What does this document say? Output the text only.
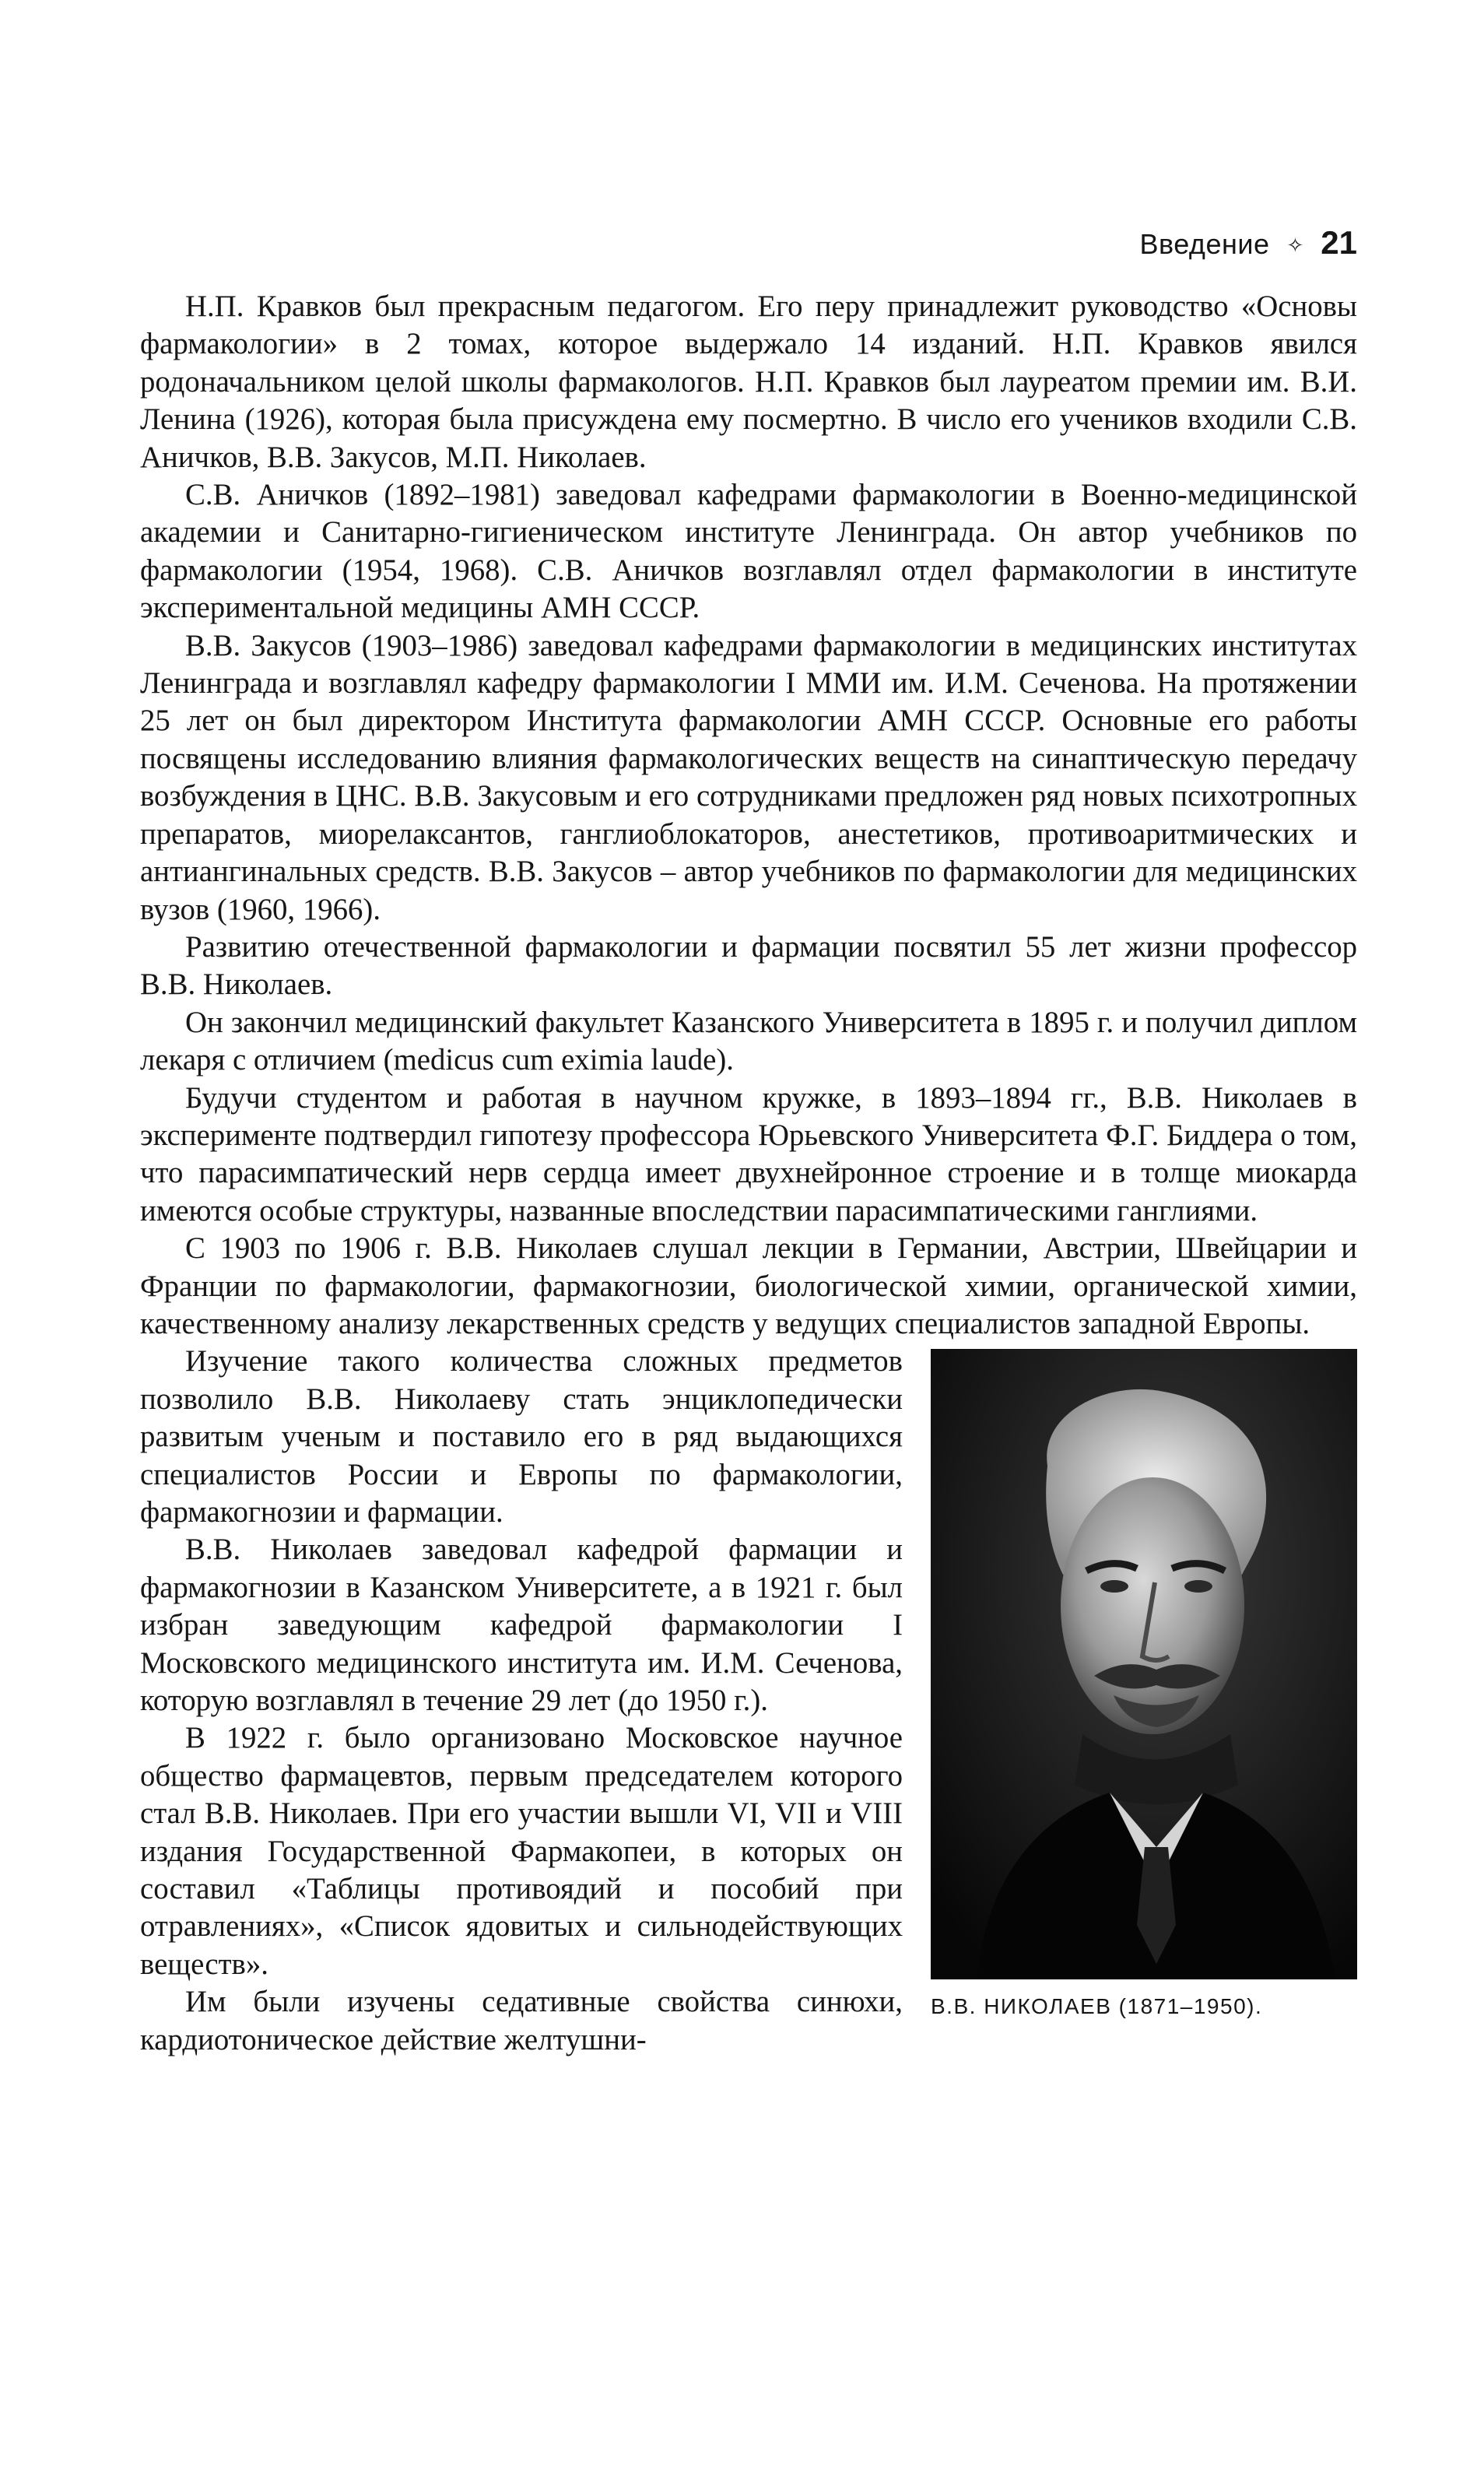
Введение ✧ 21

Н.П. Кравков был прекрасным педагогом. Его перу принадлежит руководство «Основы фармакологии» в 2 томах, которое выдержало 14 изданий. Н.П. Кравков явился родоначальником целой школы фармакологов. Н.П. Кравков был лауреатом премии им. В.И. Ленина (1926), которая была присуждена ему посмертно. В число его учеников входили С.В. Аничков, В.В. Закусов, М.П. Николаев.

С.В. Аничков (1892–1981) заведовал кафедрами фармакологии в Военно-медицинской академии и Санитарно-гигиеническом институте Ленинграда. Он автор учебников по фармакологии (1954, 1968). С.В. Аничков возглавлял отдел фармакологии в институте экспериментальной медицины АМН СССР.

В.В. Закусов (1903–1986) заведовал кафедрами фармакологии в медицинских институтах Ленинграда и возглавлял кафедру фармакологии I ММИ им. И.М. Сеченова. На протяжении 25 лет он был директором Института фармакологии АМН СССР. Основные его работы посвящены исследованию влияния фармакологических веществ на синаптическую передачу возбуждения в ЦНС. В.В. Закусовым и его сотрудниками предложен ряд новых психотропных препаратов, миорелаксантов, ганглиоблокаторов, анестетиков, противоаритмических и антиангинальных средств. В.В. Закусов – автор учебников по фармакологии для медицинских вузов (1960, 1966).

Развитию отечественной фармакологии и фармации посвятил 55 лет жизни профессор В.В. Николаев.

Он закончил медицинский факультет Казанского Университета в 1895 г. и получил диплом лекаря с отличием (medicus cum eximia laude).

Будучи студентом и работая в научном кружке, в 1893–1894 гг., В.В. Николаев в эксперименте подтвердил гипотезу профессора Юрьевского Университета Ф.Г. Биддера о том, что парасимпатический нерв сердца имеет двухнейронное строение и в толще миокарда имеются особые структуры, названные впоследствии парасимпатическими ганглиями.

С 1903 по 1906 г. В.В. Николаев слушал лекции в Германии, Австрии, Швейцарии и Франции по фармакологии, фармакогнозии, биологической химии, органической химии, качественному анализу лекарственных средств у ведущих специалистов западной Европы.

В.В. НИКОЛАЕВ (1871–1950).

Изучение такого количества сложных предметов позволило В.В. Николаеву стать энциклопедически развитым ученым и поставило его в ряд выдающихся специалистов России и Европы по фармакологии, фармакогнозии и фармации.

В.В. Николаев заведовал кафедрой фармации и фармакогнозии в Казанском Университете, а в 1921 г. был избран заведующим кафедрой фармакологии I Московского медицинского института им. И.М. Сеченова, которую возглавлял в течение 29 лет (до 1950 г.).

В 1922 г. было организовано Московское научное общество фармацевтов, первым председателем которого стал В.В. Николаев. При его участии вышли VI, VII и VIII издания Государственной Фармакопеи, в которых он составил «Таблицы противоядий и пособий при отравлениях», «Список ядовитых и сильнодействующих веществ».

Им были изучены седативные свойства синюхи, кардиотоническое действие желтушни-
